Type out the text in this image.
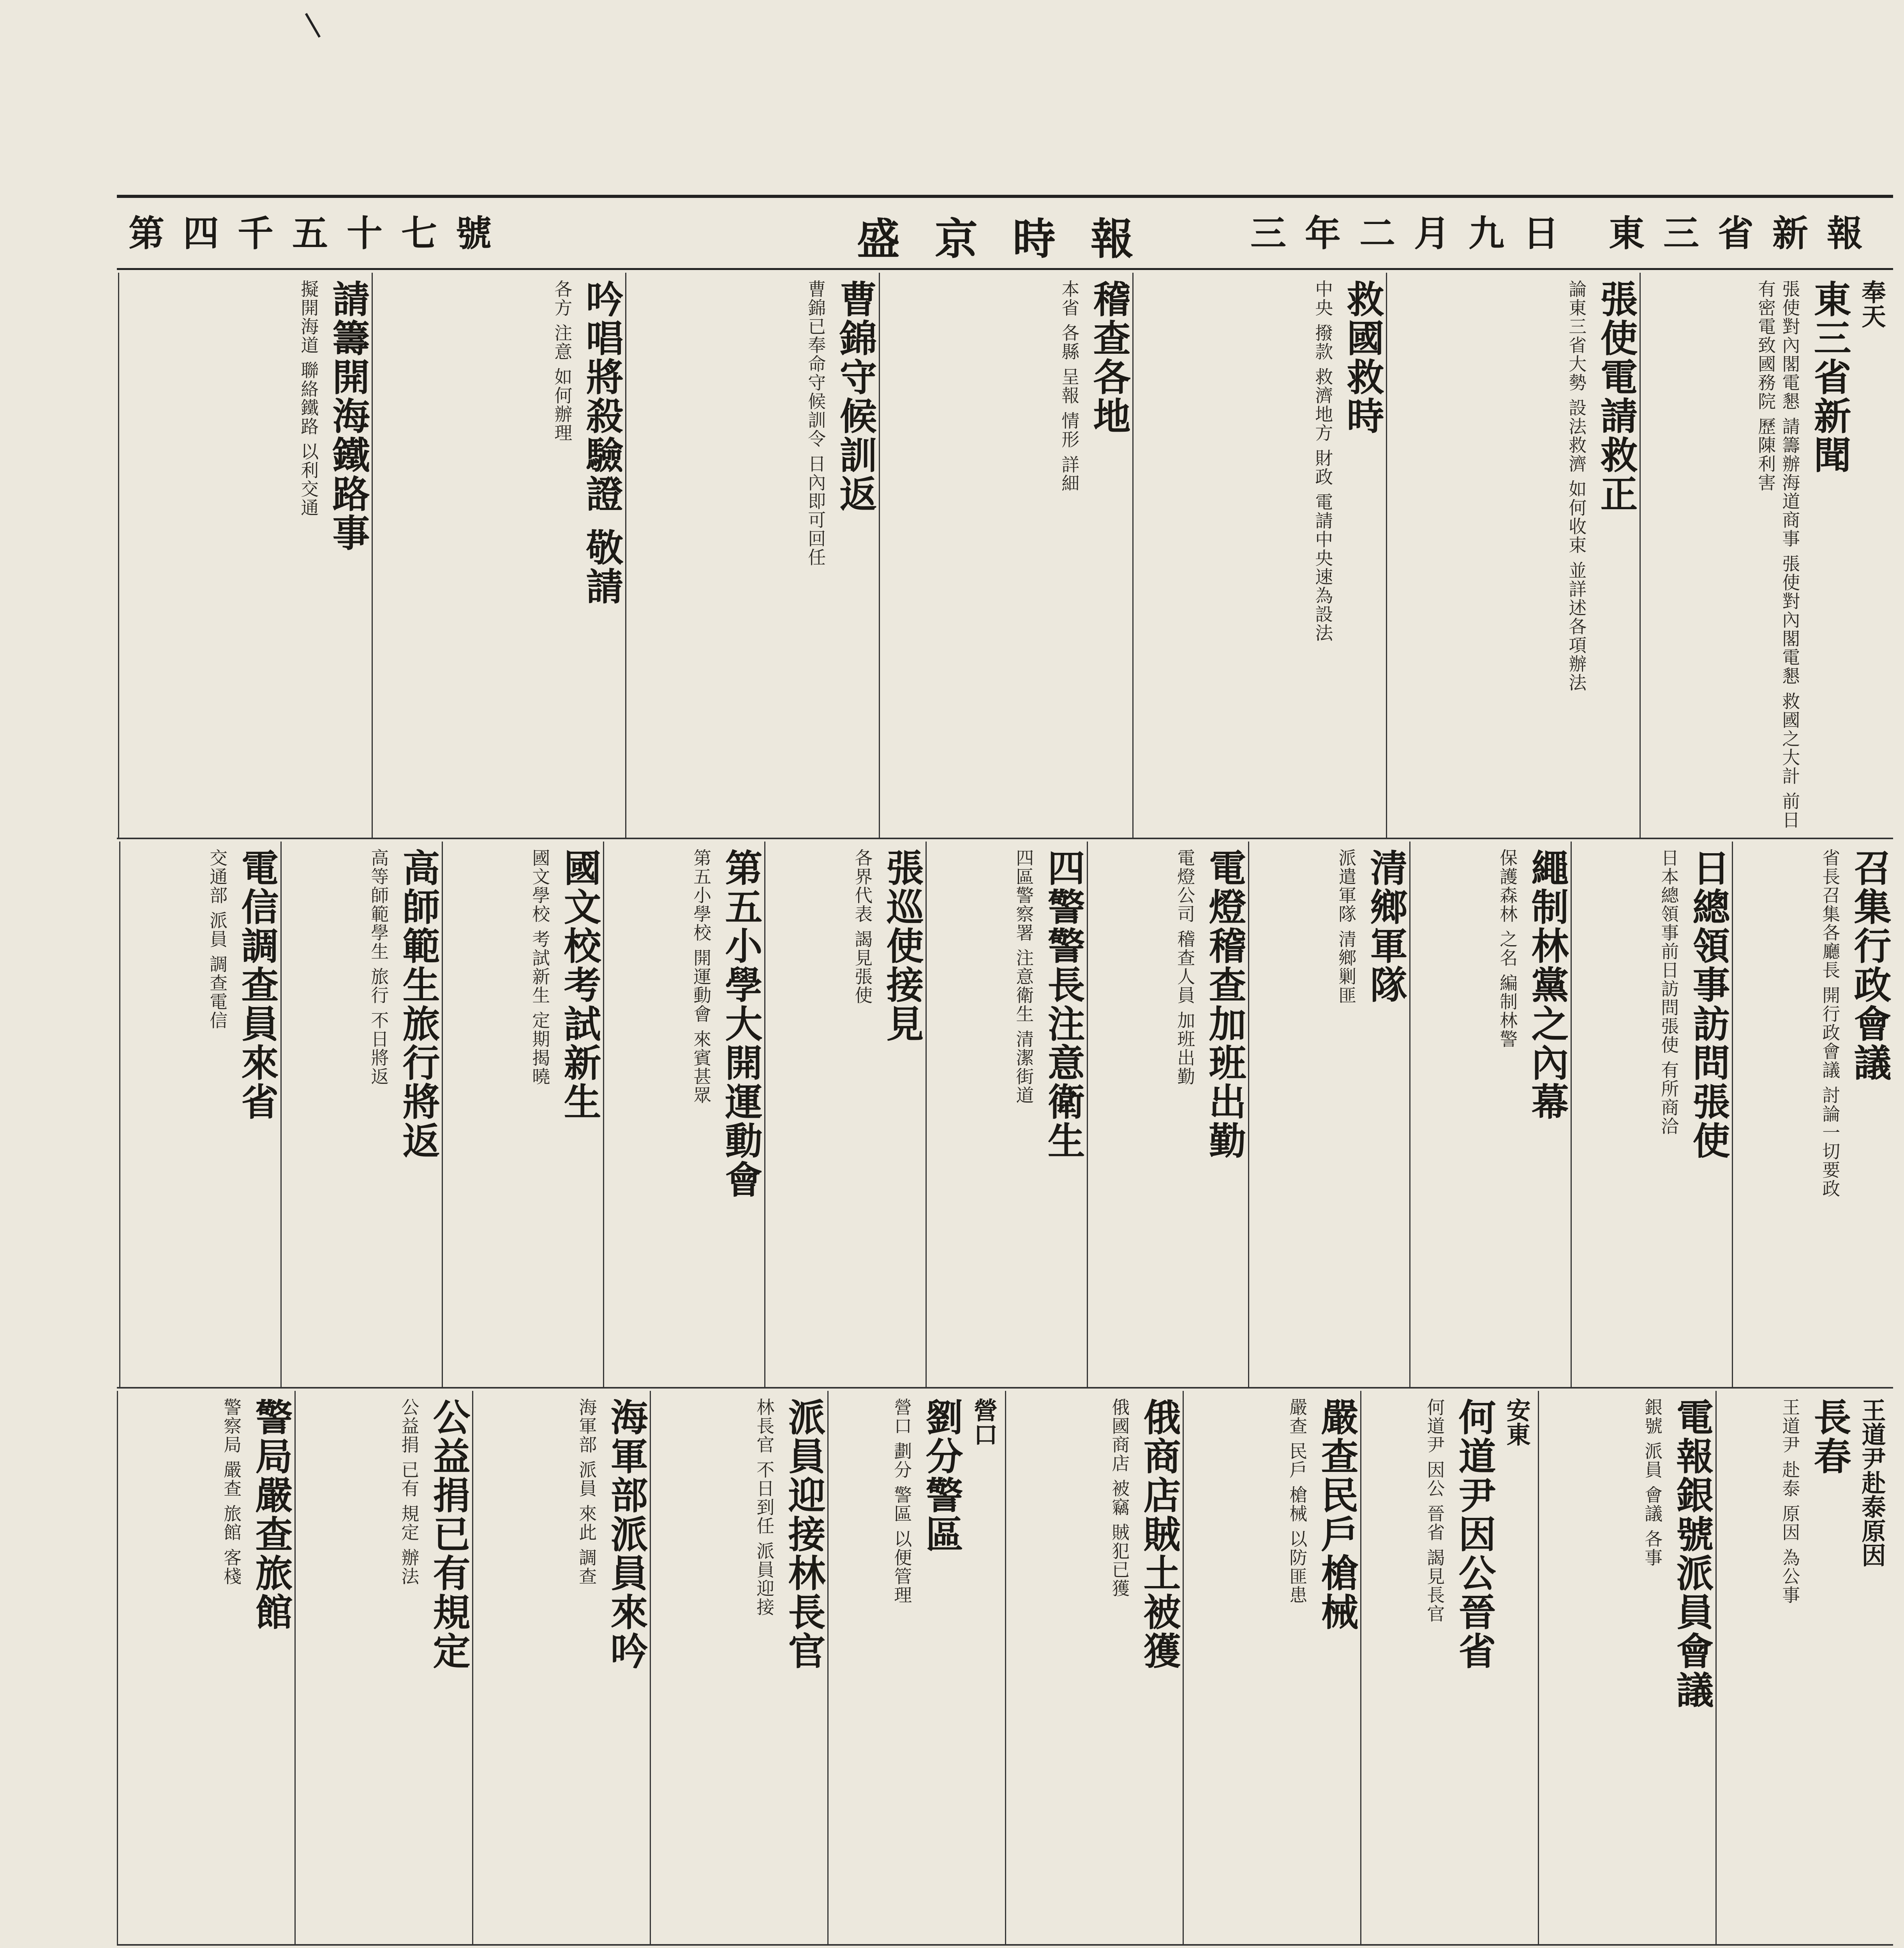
三年二月九日 東三省新報
盛京時報
第四千五十七號
奉天
東三省新聞
張使對內閣電懇 請籌辦海道商事 張使對內閣電懇 救國之大計 前日有密電致國務院 歷陳利害
張使電請救正
論東三省大勢 設法救濟 如何收束 並詳述各項辦法
救國救時
中央 撥款 救濟地方 財政 電請中央速為設法
稽查各地
本省 各縣 呈報 情形 詳細
曹錦守候訓返
曹錦已奉命守候訓令 日內即可回任
吟唱將殺驗證 敬請
各方 注意 如何辦理
請籌開海鐵路事
擬開海道 聯絡鐵路 以利交通
召集行政會議
省長召集各廳長 開行政會議 討論一切要政
日總領事訪問張使
日本總領事前日訪問張使 有所商洽
繩制林黨之內幕
保護森林 之名 編制林警
清鄉軍隊
派遣軍隊 清鄉剿匪
電燈稽查加班出勤
電燈公司 稽查人員 加班出勤
四警警長注意衛生
四區警察署 注意衛生 清潔街道
張巡使接見
各界代表 謁見張使
第五小學大開運動會
第五小學校 開運動會 來賓甚眾
國文校考試新生
國文學校 考試新生 定期揭曉
高師範生旅行將返
高等師範學生 旅行 不日將返
電信調查員來省
交通部 派員 調查電信
王道尹赴泰原因
長春
王道尹 赴泰 原因 為公事
電報銀號派員會議
銀號 派員 會議 各事
安東
何道尹因公晉省
何道尹 因公 晉省 謁見長官
嚴查民戶槍械
嚴查 民戶 槍械 以防匪患
俄商店賊土被獲
俄國商店 被竊 賊犯已獲
營口
劉分警區
營口 劃分 警區 以便管理
派員迎接林長官
林長官 不日到任 派員迎接
海軍部派員來吟
海軍部 派員 來此 調查
公益捐已有規定
公益捐 已有 規定 辦法
警局嚴查旅館
警察局 嚴查 旅館 客棧
